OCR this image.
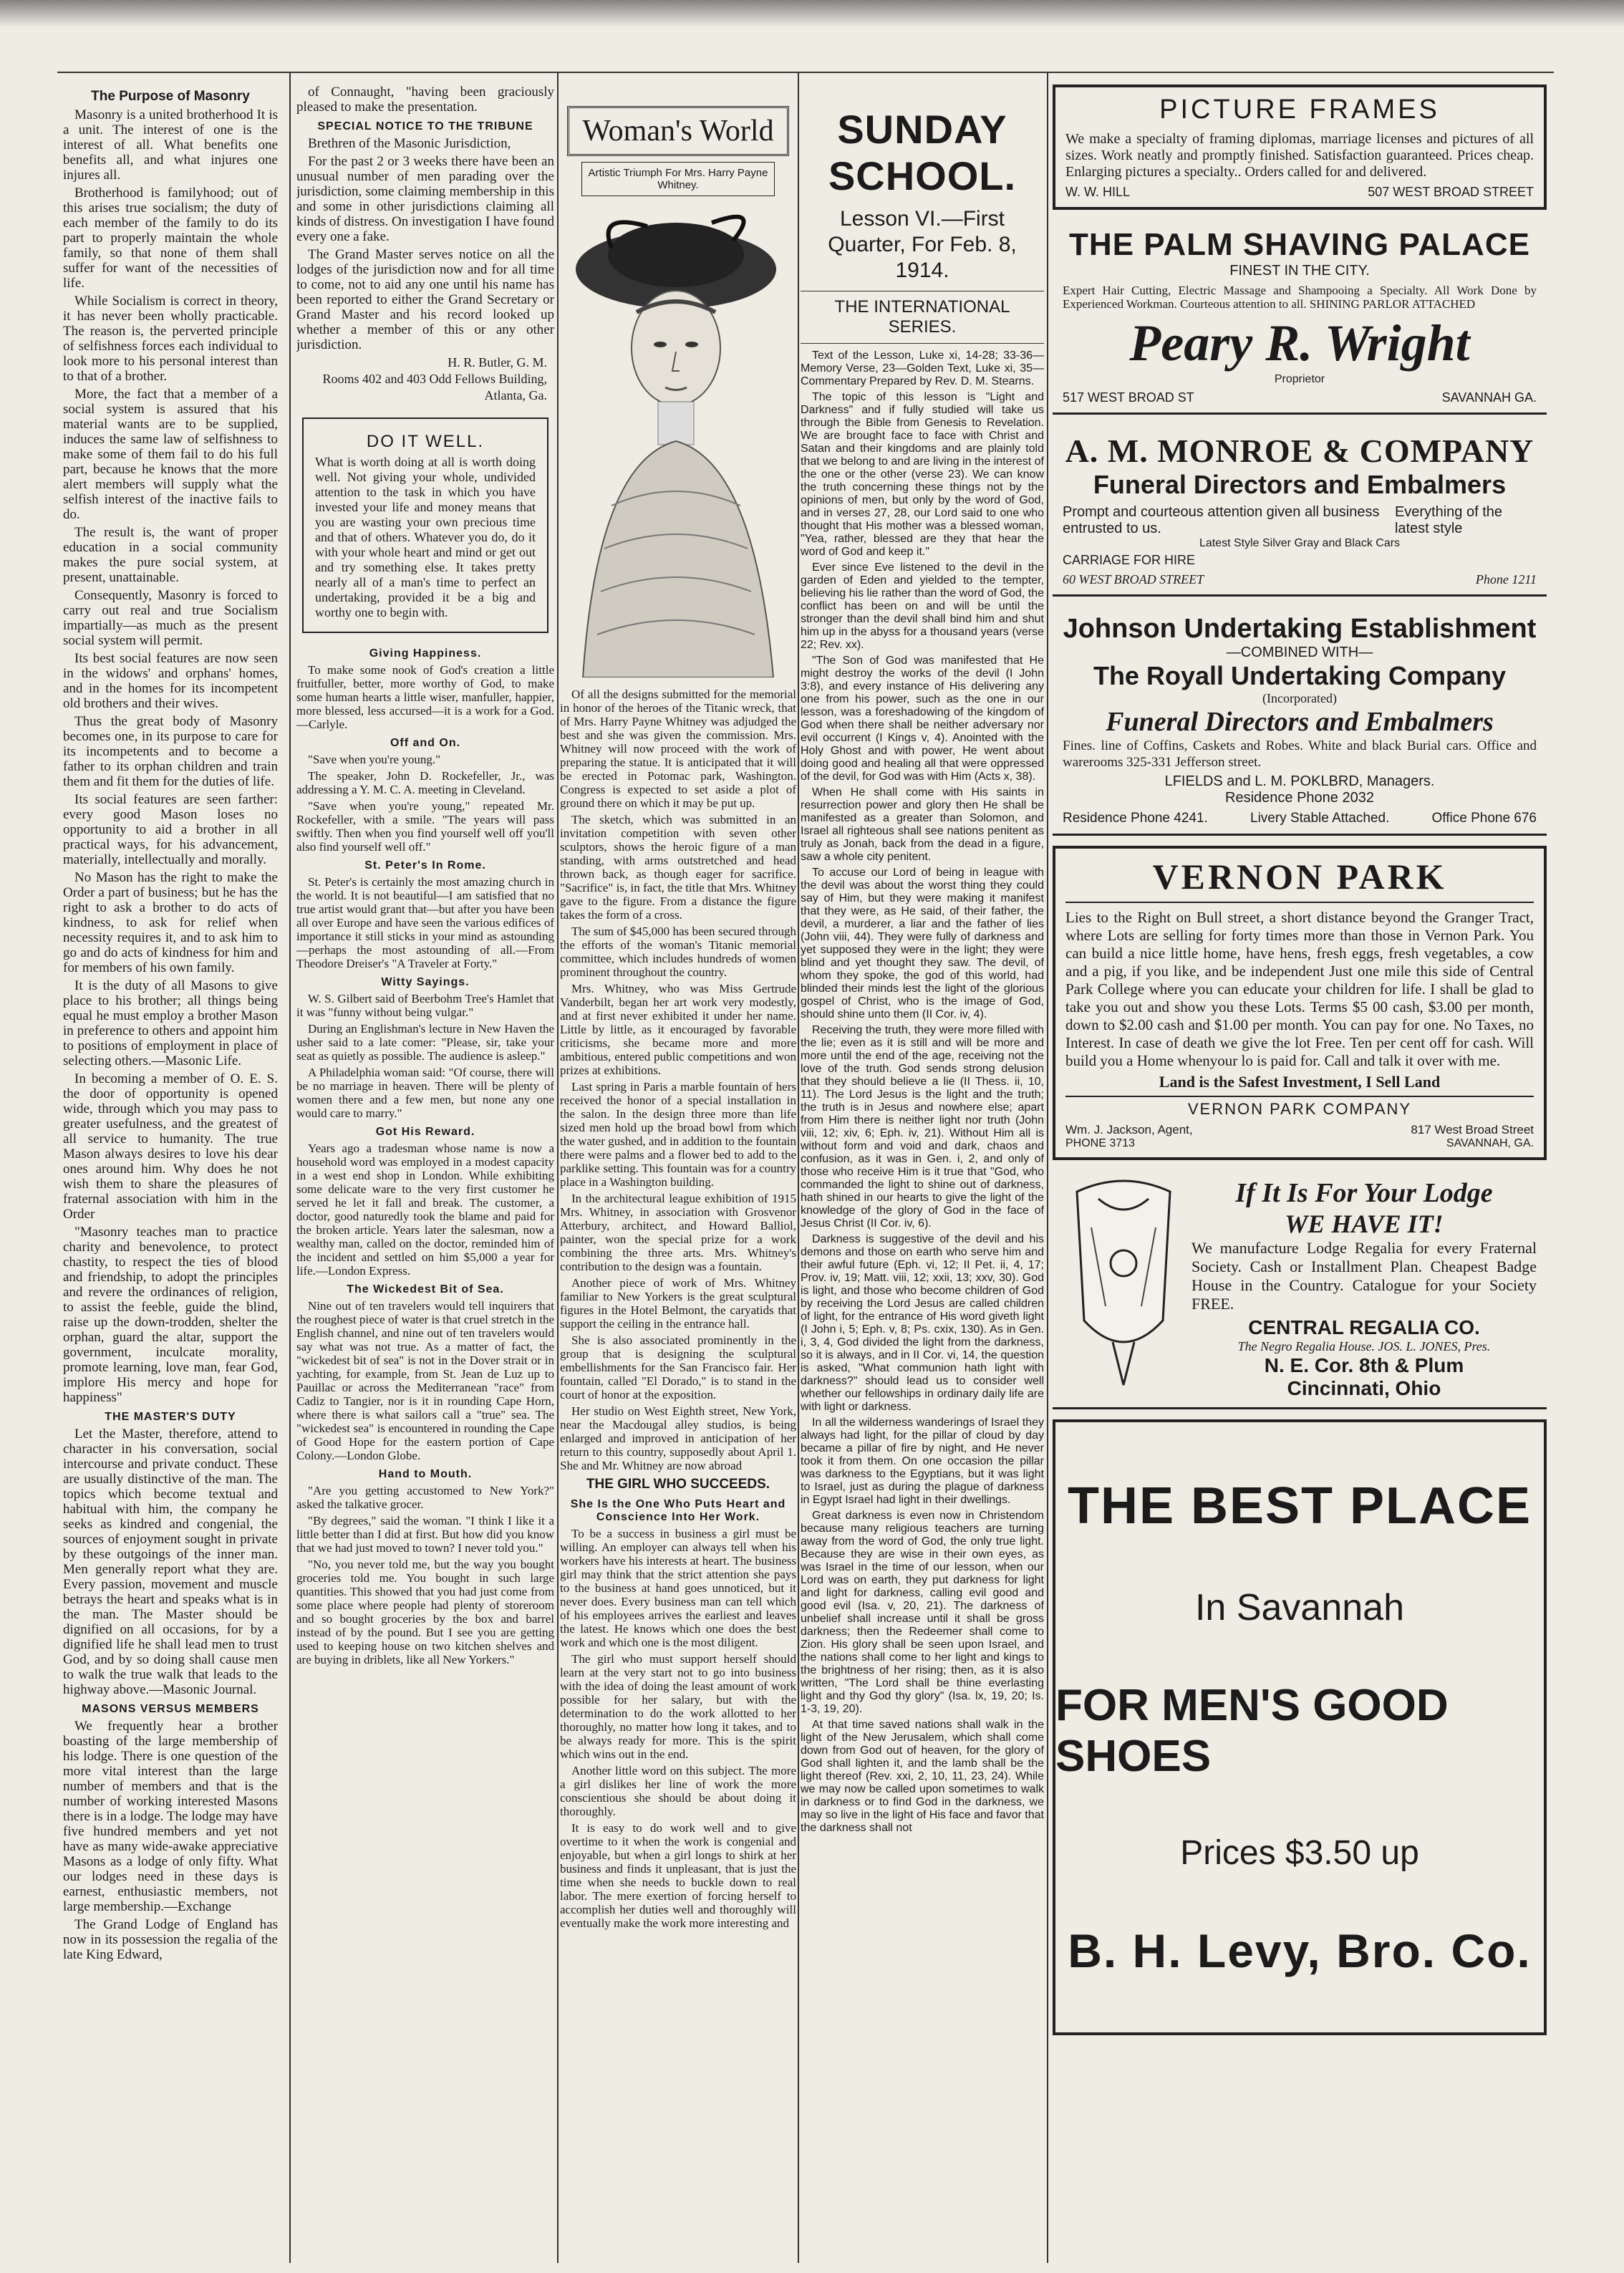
The Purpose of Masonry

Masonry is a united brotherhood It is a unit. The interest of one is the interest of all. What benefits one benefits all, and what injures one injures all.

Brotherhood is familyhood; out of this arises true socialism; the duty of each member of the family to do its part to properly maintain the whole family, so that none of them shall suffer for want of the necessities of life.

While Socialism is correct in theory, it has never been wholly practicable. The reason is, the perverted principle of selfishness forces each individual to look more to his personal interest than to that of a brother.

More, the fact that a member of a social system is assured that his material wants are to be supplied, induces the same law of selfishness to make some of them fail to do his full part, because he knows that the more alert members will supply what the selfish interest of the inactive fails to do.

The result is, the want of proper education in a social community makes the pure social system, at present, unattainable.

Consequently, Masonry is forced to carry out real and true Socialism impartially—as much as the present social system will permit.

Its best social features are now seen in the widows' and orphans' homes, and in the homes for its incompetent old brothers and their wives.

Thus the great body of Masonry becomes one, in its purpose to care for its incompetents and to become a father to its orphan children and train them and fit them for the duties of life.

Its social features are seen farther: every good Mason loses no opportunity to aid a brother in all practical ways, for his advancement, materially, intellectually and morally.

No Mason has the right to make the Order a part of business; but he has the right to ask a brother to do acts of kindness, to ask for relief when necessity requires it, and to ask him to go and do acts of kindness for him and for members of his own family.

It is the duty of all Masons to give place to his brother; all things being equal he must employ a brother Mason in preference to others and appoint him to positions of employment in place of selecting others.—Masonic Life.

In becoming a member of O. E. S. the door of opportunity is opened wide, through which you may pass to greater usefulness, and the greatest of all service to humanity. The true Mason always desires to love his dear ones around him. Why does he not wish them to share the pleasures of fraternal association with him in the Order

"Masonry teaches man to practice charity and benevolence, to protect chastity, to respect the ties of blood and friendship, to adopt the principles and revere the ordinances of religion, to assist the feeble, guide the blind, raise up the down-trodden, shelter the orphan, guard the altar, support the government, inculcate morality, promote learning, love man, fear God, implore His mercy and hope for happiness"

THE MASTER'S DUTY

Let the Master, therefore, attend to character in his conversation, social intercourse and private conduct. These are usually distinctive of the man. The topics which become textual and habitual with him, the company he seeks as kindred and congenial, the sources of enjoyment sought in private by these outgoings of the inner man. Men generally report what they are. Every passion, movement and muscle betrays the heart and speaks what is in the man. The Master should be dignified on all occasions, for by a dignified life he shall lead men to trust God, and by so doing shall cause men to walk the true walk that leads to the highway above.—Masonic Journal.

MASONS VERSUS MEMBERS

We frequently hear a brother boasting of the large membership of his lodge. There is one question of the more vital interest than the large number of members and that is the number of working interested Masons there is in a lodge. The lodge may have five hundred members and yet not have as many wide-awake appreciative Masons as a lodge of only fifty. What our lodges need in these days is earnest, enthusiastic members, not large membership.—Exchange

The Grand Lodge of England has now in its possession the regalia of the late King Edward,

of Connaught, "having been graciously pleased to make the presentation.

SPECIAL NOTICE TO THE TRIBUNE

Brethren of the Masonic Jurisdiction,

For the past 2 or 3 weeks there have been an unusual number of men parading over the jurisdiction, some claiming membership in this and some in other jurisdictions claiming all kinds of distress. On investigation I have found every one a fake.

The Grand Master serves notice on all the lodges of the jurisdiction now and for all time to come, not to aid any one until his name has been reported to either the Grand Secretary or Grand Master and his record looked up whether a member of this or any other jurisdiction.

H. R. Butler, G. M.
Rooms 402 and 403 Odd Fellows Building,
Atlanta, Ga.
DO IT WELL.

What is worth doing at all is worth doing well. Not giving your whole, undivided attention to the task in which you have invested your life and money means that you are wasting your own precious time and that of others. Whatever you do, do it with your whole heart and mind or get out and try something else. It takes pretty nearly all of a man's time to perfect an undertaking, provided it be a big and worthy one to begin with.

Giving Happiness.

To make some nook of God's creation a little fruitfuller, better, more worthy of God, to make some human hearts a little wiser, manfuller, happier, more blessed, less accursed—it is a work for a God.—Carlyle.

Off and On.

"Save when you're young."

The speaker, John D. Rockefeller, Jr., was addressing a Y. M. C. A. meeting in Cleveland.

"Save when you're young," repeated Mr. Rockefeller, with a smile. "The years will pass swiftly. Then when you find yourself well off you'll also find yourself well off."

St. Peter's In Rome.

St. Peter's is certainly the most amazing church in the world. It is not beautiful—I am satisfied that no true artist would grant that—but after you have been all over Europe and have seen the various edifices of importance it still sticks in your mind as astounding—perhaps the most astounding of all.—From Theodore Dreiser's "A Traveler at Forty."

Witty Sayings.

W. S. Gilbert said of Beerbohm Tree's Hamlet that it was "funny without being vulgar."

During an Englishman's lecture in New Haven the usher said to a late comer: "Please, sir, take your seat as quietly as possible. The audience is asleep."

A Philadelphia woman said: "Of course, there will be no marriage in heaven. There will be plenty of women there and a few men, but none any one would care to marry."

Got His Reward.

Years ago a tradesman whose name is now a household word was employed in a modest capacity in a west end shop in London. While exhibiting some delicate ware to the very first customer he served he let it fall and break. The customer, a doctor, good naturedly took the blame and paid for the broken article. Years later the salesman, now a wealthy man, called on the doctor, reminded him of the incident and settled on him $5,000 a year for life.—London Express.

The Wickedest Bit of Sea.

Nine out of ten travelers would tell inquirers that the roughest piece of water is that cruel stretch in the English channel, and nine out of ten travelers would say what was not true. As a matter of fact, the "wickedest bit of sea" is not in the Dover strait or in yachting, for example, from St. Jean de Luz up to Pauillac or across the Mediterranean "race" from Cadiz to Tangier, nor is it in rounding Cape Horn, where there is what sailors call a "true" sea. The "wickedest sea" is encountered in rounding the Cape of Good Hope for the eastern portion of Cape Colony.—London Globe.

Hand to Mouth.

"Are you getting accustomed to New York?" asked the talkative grocer.

"By degrees," said the woman. "I think I like it a little better than I did at first. But how did you know that we had just moved to town? I never told you."

"No, you never told me, but the way you bought groceries told me. You bought in such large quantities. This showed that you had just come from some place where people had plenty of storeroom and so bought groceries by the box and barrel instead of by the pound. But I see you are getting used to keeping house on two kitchen shelves and are buying in driblets, like all New Yorkers."

Woman's World
Artistic Triumph For Mrs. Harry Payne Whitney.

Of all the designs submitted for the memorial in honor of the heroes of the Titanic wreck, that of Mrs. Harry Payne Whitney was adjudged the best and she was given the commission. Mrs. Whitney will now proceed with the work of preparing the statue. It is anticipated that it will be erected in Potomac park, Washington. Congress is expected to set aside a plot of ground there on which it may be put up.

The sketch, which was submitted in an invitation competition with seven other sculptors, shows the heroic figure of a man standing, with arms outstretched and head thrown back, as though eager for sacrifice. "Sacrifice" is, in fact, the title that Mrs. Whitney gave to the figure. From a distance the figure takes the form of a cross.

The sum of $45,000 has been secured through the efforts of the woman's Titanic memorial committee, which includes hundreds of women prominent throughout the country.

Mrs. Whitney, who was Miss Gertrude Vanderbilt, began her art work very modestly, and at first never exhibited it under her name. Little by little, as it encouraged by favorable criticisms, she became more and more ambitious, entered public competitions and won prizes at exhibitions.

Last spring in Paris a marble fountain of hers received the honor of a special installation in the salon. In the design three more than life sized men hold up the broad bowl from which the water gushed, and in addition to the fountain there were palms and a flower bed to add to the parklike setting. This fountain was for a country place in a Washington building.

In the architectural league exhibition of 1915 Mrs. Whitney, in association with Grosvenor Atterbury, architect, and Howard Balliol, painter, won the special prize for a work combining the three arts. Mrs. Whitney's contribution to the design was a fountain.

Another piece of work of Mrs. Whitney familiar to New Yorkers is the great sculptural figures in the Hotel Belmont, the caryatids that support the ceiling in the entrance hall.

She is also associated prominently in the group that is designing the sculptural embellishments for the San Francisco fair. Her fountain, called "El Dorado," is to stand in the court of honor at the exposition.

Her studio on West Eighth street, New York, near the Macdougal alley studios, is being enlarged and improved in anticipation of her return to this country, supposedly about April 1. She and Mr. Whitney are now abroad

THE GIRL WHO SUCCEEDS.
She Is the One Who Puts Heart and Conscience Into Her Work.

To be a success in business a girl must be willing. An employer can always tell when his workers have his interests at heart. The business girl may think that the strict attention she pays to the business at hand goes unnoticed, but it never does. Every business man can tell which of his employees arrives the earliest and leaves the latest. He knows which one does the best work and which one is the most diligent.

The girl who must support herself should learn at the very start not to go into business with the idea of doing the least amount of work possible for her salary, but with the determination to do the work allotted to her thoroughly, no matter how long it takes, and to be always ready for more. This is the spirit which wins out in the end.

Another little word on this subject. The more a girl dislikes her line of work the more conscientious she should be about doing it thoroughly.

It is easy to do work well and to give overtime to it when the work is congenial and enjoyable, but when a girl longs to shirk at her business and finds it unpleasant, that is just the time when she needs to buckle down to real labor. The mere exertion of forcing herself to accomplish her duties well and thoroughly will eventually make the work more interesting and

SUNDAY SCHOOL.
Lesson VI.—First Quarter, For Feb. 8, 1914.
THE INTERNATIONAL SERIES.

Text of the Lesson, Luke xi, 14-28; 33-36—Memory Verse, 23—Golden Text, Luke xi, 35—Commentary Prepared by Rev. D. M. Stearns.

The topic of this lesson is "Light and Darkness" and if fully studied will take us through the Bible from Genesis to Revelation. We are brought face to face with Christ and Satan and their kingdoms and are plainly told that we belong to and are living in the interest of the one or the other (verse 23). We can know the truth concerning these things not by the opinions of men, but only by the word of God, and in verses 27, 28, our Lord said to one who thought that His mother was a blessed woman, "Yea, rather, blessed are they that hear the word of God and keep it."

Ever since Eve listened to the devil in the garden of Eden and yielded to the tempter, believing his lie rather than the word of God, the conflict has been on and will be until the stronger than the devil shall bind him and shut him up in the abyss for a thousand years (verse 22; Rev. xx).

"The Son of God was manifested that He might destroy the works of the devil (I John 3:8), and every instance of His delivering any one from his power, such as the one in our lesson, was a foreshadowing of the kingdom of God when there shall be neither adversary nor evil occurrent (I Kings v, 4). Anointed with the Holy Ghost and with power, He went about doing good and healing all that were oppressed of the devil, for God was with Him (Acts x, 38).

When He shall come with His saints in resurrection power and glory then He shall be manifested as a greater than Solomon, and Israel all righteous shall see nations penitent as truly as Jonah, back from the dead in a figure, saw a whole city penitent.

To accuse our Lord of being in league with the devil was about the worst thing they could say of Him, but they were making it manifest that they were, as He said, of their father, the devil, a murderer, a liar and the father of lies (John viii, 44). They were fully of darkness and yet supposed they were in the light; they were blind and yet thought they saw. The devil, of whom they spoke, the god of this world, had blinded their minds lest the light of the glorious gospel of Christ, who is the image of God, should shine unto them (II Cor. iv, 4).

Receiving the truth, they were more filled with the lie; even as it is still and will be more and more until the end of the age, receiving not the love of the truth. God sends strong delusion that they should believe a lie (II Thess. ii, 10, 11). The Lord Jesus is the light and the truth; the truth is in Jesus and nowhere else; apart from Him there is neither light nor truth (John viii, 12; xiv, 6; Eph. iv, 21). Without Him all is without form and void and dark, chaos and confusion, as it was in Gen. i, 2, and only of those who receive Him is it true that "God, who commanded the light to shine out of darkness, hath shined in our hearts to give the light of the knowledge of the glory of God in the face of Jesus Christ (II Cor. iv, 6).

Darkness is suggestive of the devil and his demons and those on earth who serve him and their awful future (Eph. vi, 12; II Pet. ii, 4, 17; Prov. iv, 19; Matt. viii, 12; xxii, 13; xxv, 30). God is light, and those who become children of God by receiving the Lord Jesus are called children of light, for the entrance of His word giveth light (I John i, 5; Eph. v, 8; Ps. cxix, 130). As in Gen. i, 3, 4, God divided the light from the darkness, so it is always, and in II Cor. vi, 14, the question is asked, "What communion hath light with darkness?" should lead us to consider well whether our fellowships in ordinary daily life are with light or darkness.

In all the wilderness wanderings of Israel they always had light, for the pillar of cloud by day became a pillar of fire by night, and He never took it from them. On one occasion the pillar was darkness to the Egyptians, but it was light to Israel, just as during the plague of darkness in Egypt Israel had light in their dwellings.

Great darkness is even now in Christendom because many religious teachers are turning away from the word of God, the only true light. Because they are wise in their own eyes, as was Israel in the time of our lesson, when our Lord was on earth, they put darkness for light and light for darkness, calling evil good and good evil (Isa. v, 20, 21). The darkness of unbelief shall increase until it shall be gross darkness; then the Redeemer shall come to Zion. His glory shall be seen upon Israel, and the nations shall come to her light and kings to the brightness of her rising; then, as it is also written, "The Lord shall be thine everlasting light and thy God thy glory" (Isa. lx, 19, 20; Is. 1-3, 19, 20).

At that time saved nations shall walk in the light of the New Jerusalem, which shall come down from God out of heaven, for the glory of God shall lighten it, and the lamb shall be the light thereof (Rev. xxi, 2, 10, 11, 23, 24). While we may now be called upon sometimes to walk in darkness or to find God in the darkness, we may so live in the light of His face and favor that the darkness shall not

PICTURE FRAMES

We make a specialty of framing diplomas, marriage licenses and pictures of all sizes. Work neatly and promptly finished. Satisfaction guaranteed. Prices cheap. Enlarging pictures a specialty.. Orders called for and delivered.

W. W. HILL	507 WEST BROAD STREET
THE PALM SHAVING PALACE
FINEST IN THE CITY.

Expert Hair Cutting, Electric Massage and Shampooing a Specialty. All Work Done by Experienced Workman. Courteous attention to all. SHINING PARLOR ATTACHED

Peary R. Wright
Proprietor
517 WEST BROAD ST	SAVANNAH GA.
A. M. MONROE & COMPANY
Funeral Directors and Embalmers
Prompt and courteous attention given all business entrusted to us.
Everything of the latest style
Latest Style Silver Gray and Black Cars
CARRIAGE FOR HIRE
60 WEST BROAD STREET	Phone 1211
Johnson Undertaking Establishment
—COMBINED WITH—
The Royall Undertaking Company
(Incorporated)
Funeral Directors and Embalmers

Fines. line of Coffins, Caskets and Robes. White and black Burial cars. Office and warerooms 325-331 Jefferson street.

LFIELDS and L. M. POKLBRD, Managers.
Residence Phone 2032
Residence Phone 4241.	Livery Stable Attached.	Office Phone 676
VERNON PARK

Lies to the Right on Bull street, a short distance beyond the Granger Tract, where Lots are selling for forty times more than those in Vernon Park. You can build a nice little home, have hens, fresh eggs, fresh vegetables, a cow and a pig, if you like, and be independent Just one mile this side of Central Park College where you can educate your children for life. I shall be glad to take you out and show you these Lots. Terms $5 00 cash, $3.00 per month, down to $2.00 cash and $1.00 per month. You can pay for one. No Taxes, no Interest. In case of death we give the lot Free. Ten per cent off for cash. Will build you a Home whenyour lo is paid for. Call and talk it over with me.

Land is the Safest Investment, I Sell Land
VERNON PARK COMPANY
Wm. J. Jackson, Agent,	817 West Broad Street
PHONE 3713	SAVANNAH, GA.
If It Is For Your Lodge
WE HAVE IT!

We manufacture Lodge Regalia for every Fraternal Society. Cash or Installment Plan. Cheapest Badge House in the Country. Catalogue for your Society FREE.

CENTRAL REGALIA CO.
The Negro Regalia House. JOS. L. JONES, Pres.
N. E. Cor. 8th & Plum
Cincinnati, Ohio
THE BEST PLACE
In Savannah
FOR MEN'S GOOD SHOES
Prices $3.50 up
B. H. Levy, Bro. Co.
